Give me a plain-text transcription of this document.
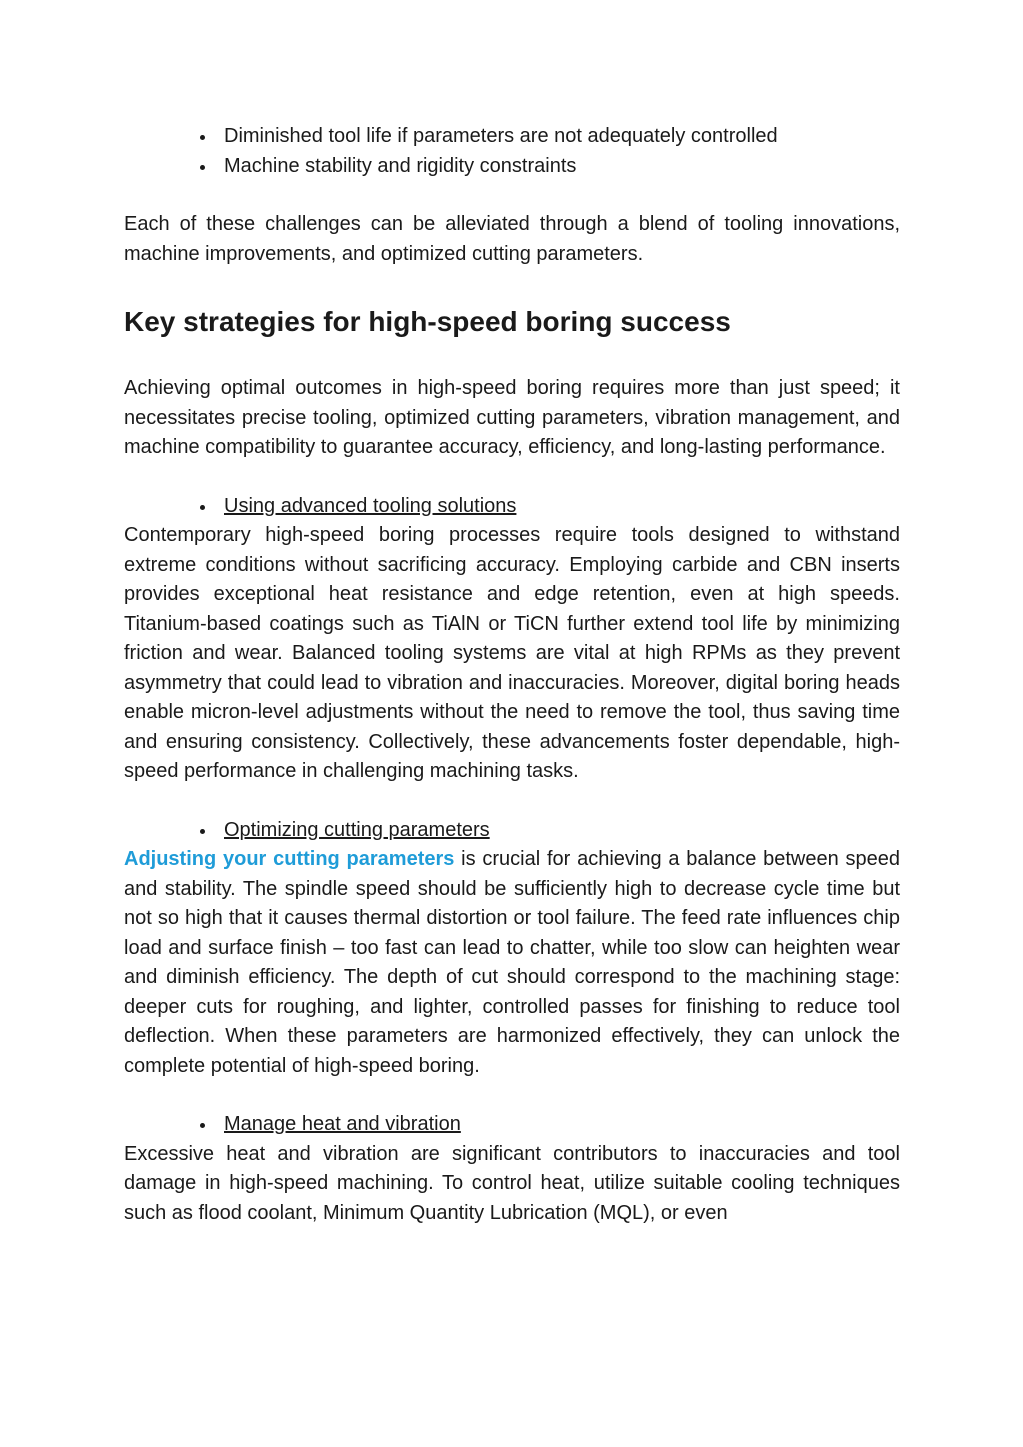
Diminished tool life if parameters are not adequately controlled
Machine stability and rigidity constraints

Each of these challenges can be alleviated through a blend of tooling innovations, machine improvements, and optimized cutting parameters.

Key strategies for high-speed boring success

Achieving optimal outcomes in high-speed boring requires more than just speed; it necessitates precise tooling, optimized cutting parameters, vibration management, and machine compatibility to guarantee accuracy, efficiency, and long-lasting performance.

Using advanced tooling solutions

Contemporary high-speed boring processes require tools designed to withstand extreme conditions without sacrificing accuracy. Employing carbide and CBN inserts provides exceptional heat resistance and edge retention, even at high speeds. Titanium-based coatings such as TiAlN or TiCN further extend tool life by minimizing friction and wear. Balanced tooling systems are vital at high RPMs as they prevent asymmetry that could lead to vibration and inaccuracies. Moreover, digital boring heads enable micron-level adjustments without the need to remove the tool, thus saving time and ensuring consistency. Collectively, these advancements foster dependable, high-speed performance in challenging machining tasks.

Optimizing cutting parameters

Adjusting your cutting parameters is crucial for achieving a balance between speed and stability. The spindle speed should be sufficiently high to decrease cycle time but not so high that it causes thermal distortion or tool failure. The feed rate influences chip load and surface finish – too fast can lead to chatter, while too slow can heighten wear and diminish efficiency. The depth of cut should correspond to the machining stage: deeper cuts for roughing, and lighter, controlled passes for finishing to reduce tool deflection. When these parameters are harmonized effectively, they can unlock the complete potential of high-speed boring.

Manage heat and vibration

Excessive heat and vibration are significant contributors to inaccuracies and tool damage in high-speed machining. To control heat, utilize suitable cooling techniques such as flood coolant, Minimum Quantity Lubrication (MQL), or even
